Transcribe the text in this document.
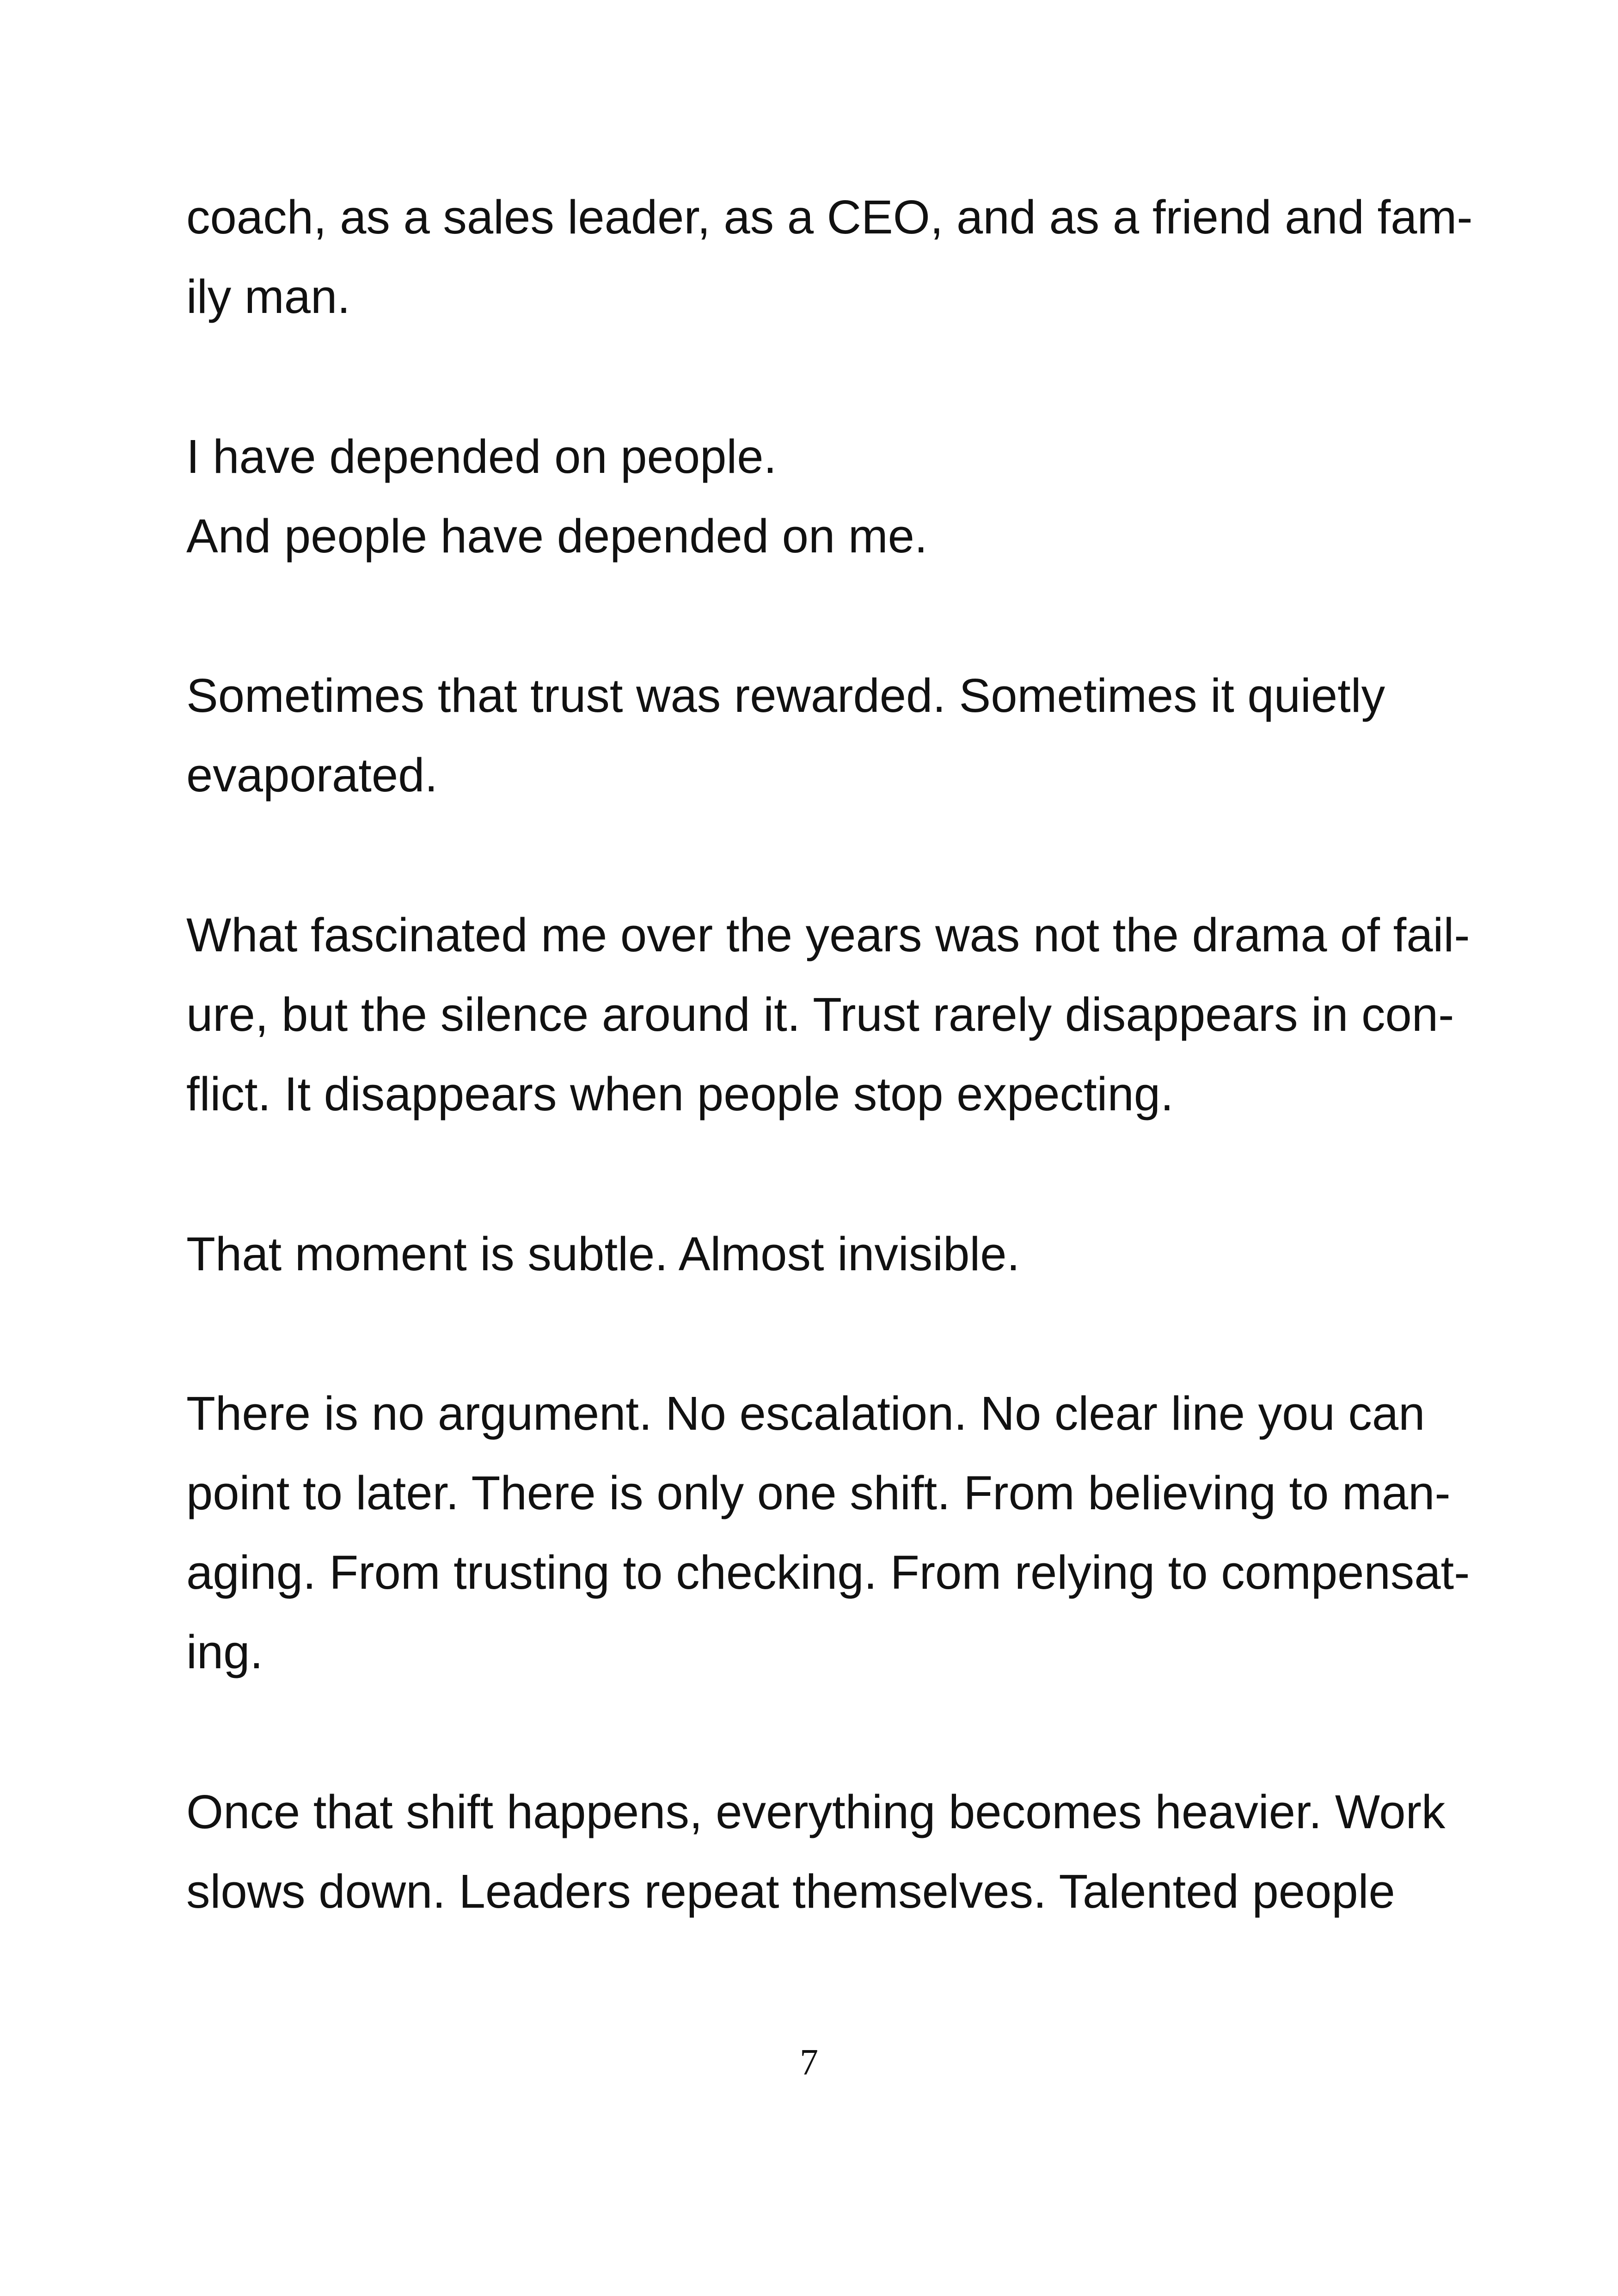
coach, as a sales leader, as a CEO, and as a friend and fam-

ily man.

I have depended on people.

And people have depended on me.

Sometimes that trust was rewarded. Sometimes it quietly

evaporated.

What fascinated me over the years was not the drama of fail-

ure, but the silence around it. Trust rarely disappears in con-

flict. It disappears when people stop expecting.

That moment is subtle. Almost invisible.

There is no argument. No escalation. No clear line you can

point to later. There is only one shift. From believing to man-

aging. From trusting to checking. From relying to compensat-

ing.

Once that shift happens, everything becomes heavier. Work

slows down. Leaders repeat themselves. Talented people

7
